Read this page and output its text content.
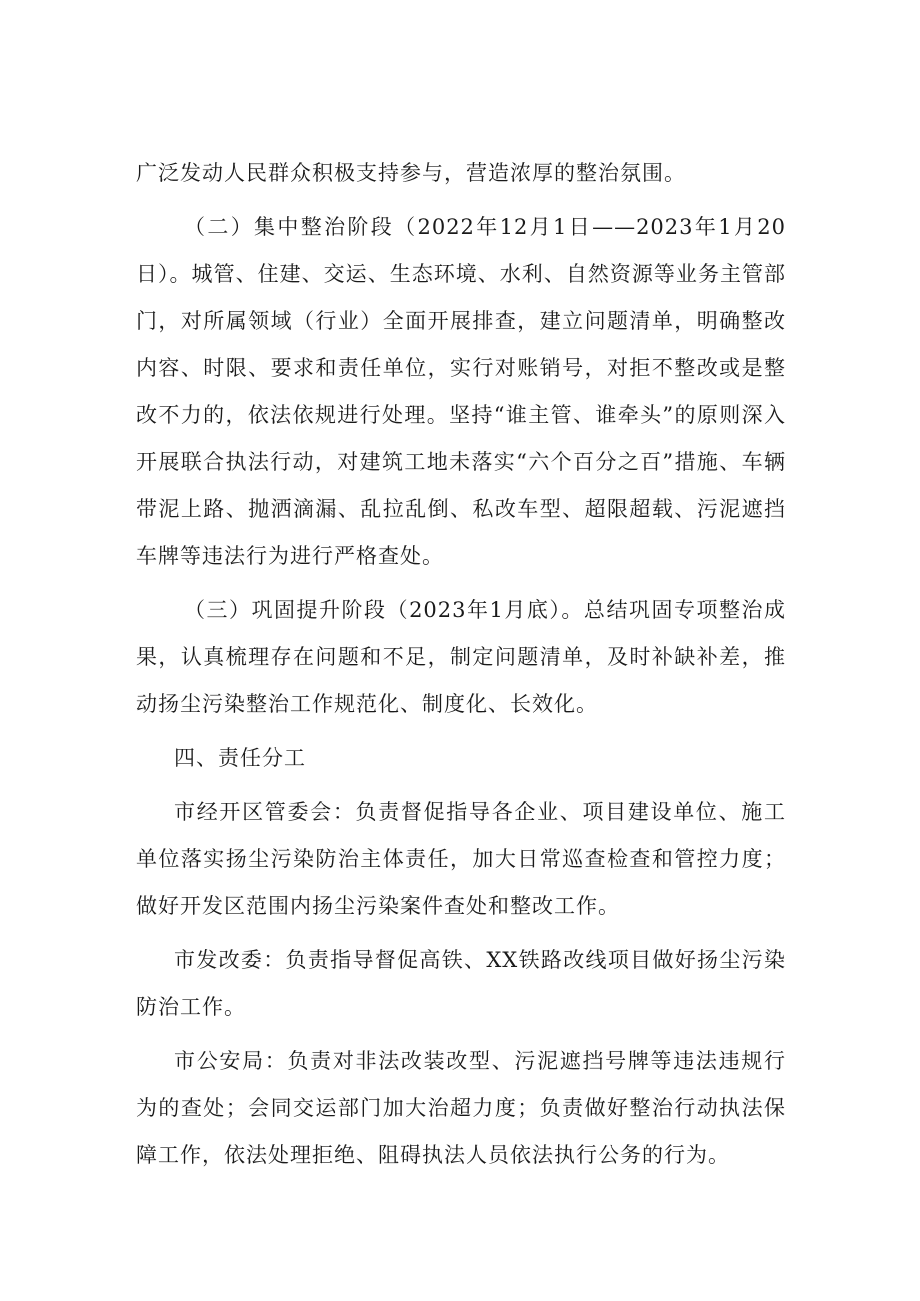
广泛发动人民群众积极支持参与，营造浓厚的整治氛围。

（二）集中整治阶段（2022年12月1日——2023年1月20日）。城管、住建、交运、生态环境、水利、自然资源等业务主管部门，对所属领域（行业）全面开展排查，建立问题清单，明确整改内容、时限、要求和责任单位，实行对账销号，对拒不整改或是整改不力的，依法依规进行处理。坚持“谁主管、谁牵头”的原则深入开展联合执法行动，对建筑工地未落实“六个百分之百”措施、车辆带泥上路、抛洒滴漏、乱拉乱倒、私改车型、超限超载、污泥遮挡车牌等违法行为进行严格查处。

（三）巩固提升阶段（2023年1月底）。总结巩固专项整治成果，认真梳理存在问题和不足，制定问题清单，及时补缺补差，推动扬尘污染整治工作规范化、制度化、长效化。

四、责任分工

市经开区管委会：负责督促指导各企业、项目建设单位、施工单位落实扬尘污染防治主体责任，加大日常巡查检查和管控力度；做好开发区范围内扬尘污染案件查处和整改工作。

市发改委：负责指导督促高铁、XX铁路改线项目做好扬尘污染防治工作。

市公安局：负责对非法改装改型、污泥遮挡号牌等违法违规行为的查处；会同交运部门加大治超力度；负责做好整治行动执法保障工作，依法处理拒绝、阻碍执法人员依法执行公务的行为。
